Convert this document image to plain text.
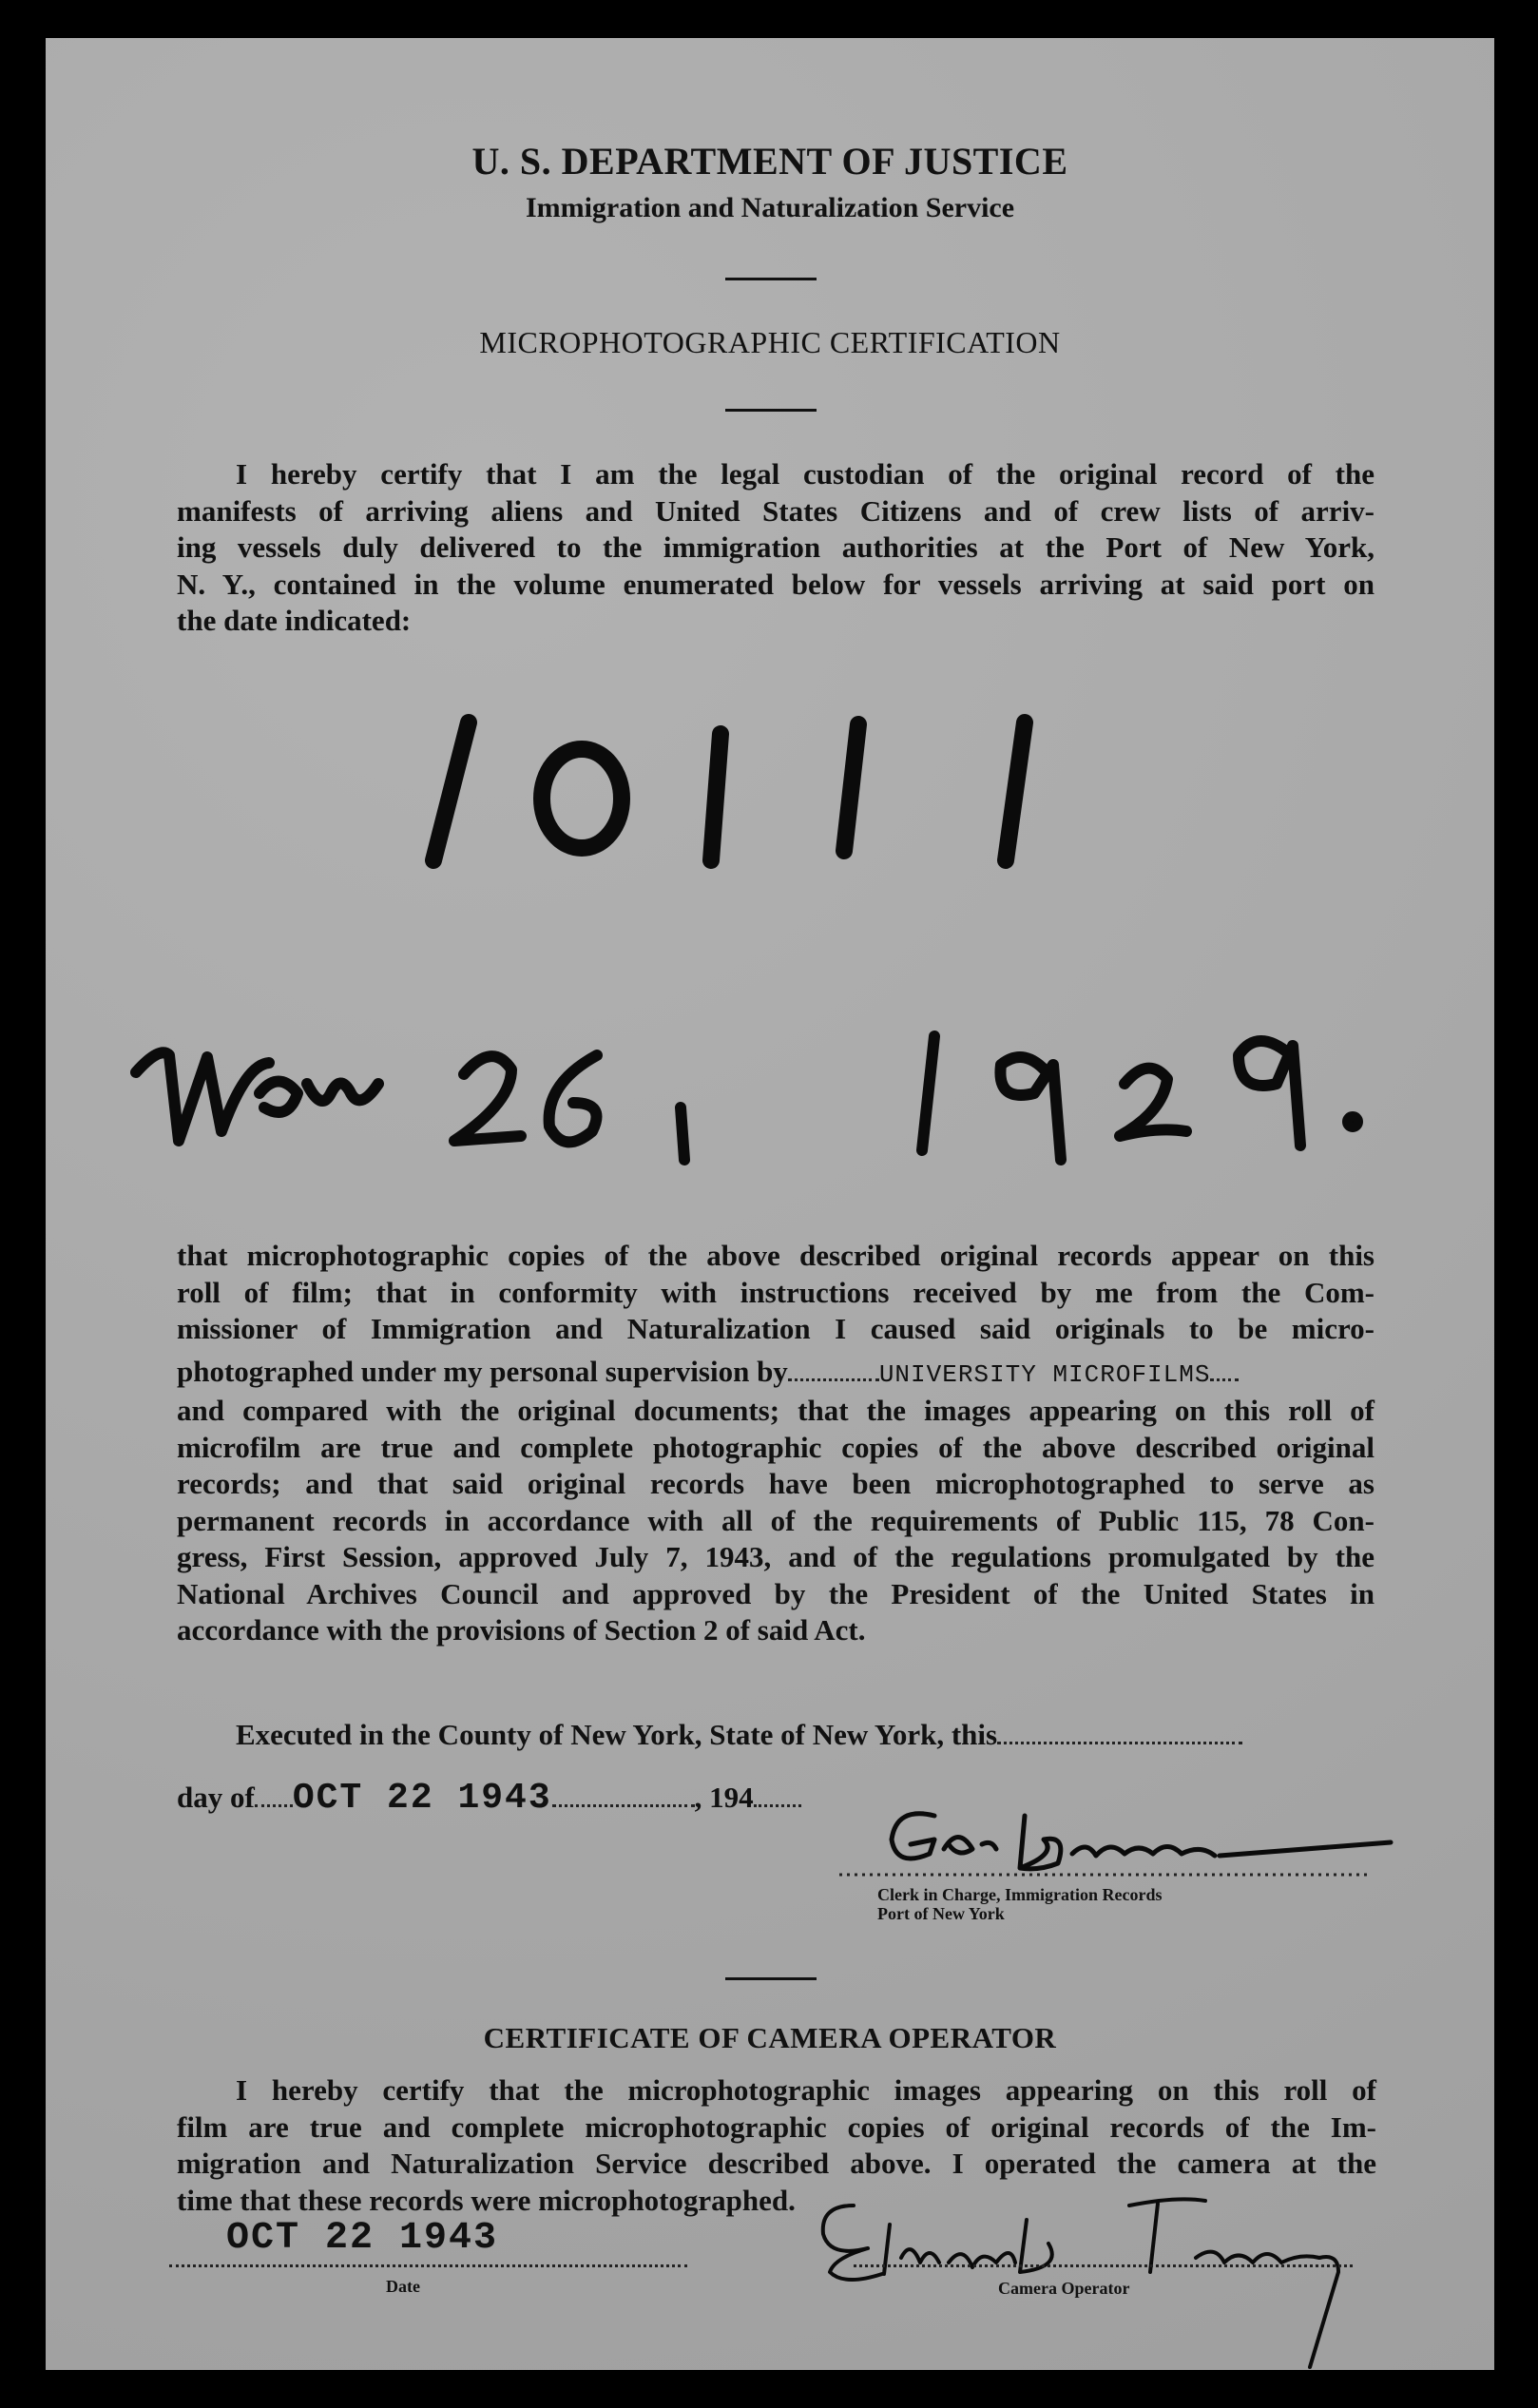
U. S. DEPARTMENT OF JUSTICE
Immigration and Naturalization Service
MICROPHOTOGRAPHIC CERTIFICATION
I hereby certify that I am the legal custodian of the original record of the
manifests of arriving aliens and United States Citizens and of crew lists of arriv-
ing vessels duly delivered to the immigration authorities at the Port of New York,
N. Y., contained in the volume enumerated below for vessels arriving at said port on
the date indicated:
that microphotographic copies of the above described original records appear on this
roll of film; that in conformity with instructions received by me from the Com-
missioner of Immigration and Naturalization I caused said originals to be micro-
photographed under my personal supervision by	UNIVERSITY MICROFILMS
and compared with the original documents; that the images appearing on this roll of
microfilm are true and complete photographic copies of the above described original
records; and that said original records have been microphotographed to serve as
permanent records in accordance with all of the requirements of Public 115, 78 Con-
gress, First Session, approved July 7, 1943, and of the regulations promulgated by the
National Archives Council and approved by the President of the United States in
accordance with the provisions of Section 2 of said Act.
Executed in the County of New York, State of New York, this
day of OCT 22 1943	, 194
Clerk in Charge, Immigration Records
Port of New York
CERTIFICATE OF CAMERA OPERATOR
I hereby certify that the microphotographic images appearing on this roll of
film are true and complete microphotographic copies of original records of the Im-
migration and Naturalization Service described above. I operated the camera at the
time that these records were microphotographed.
OCT 22 1943
Date	Camera Operator
